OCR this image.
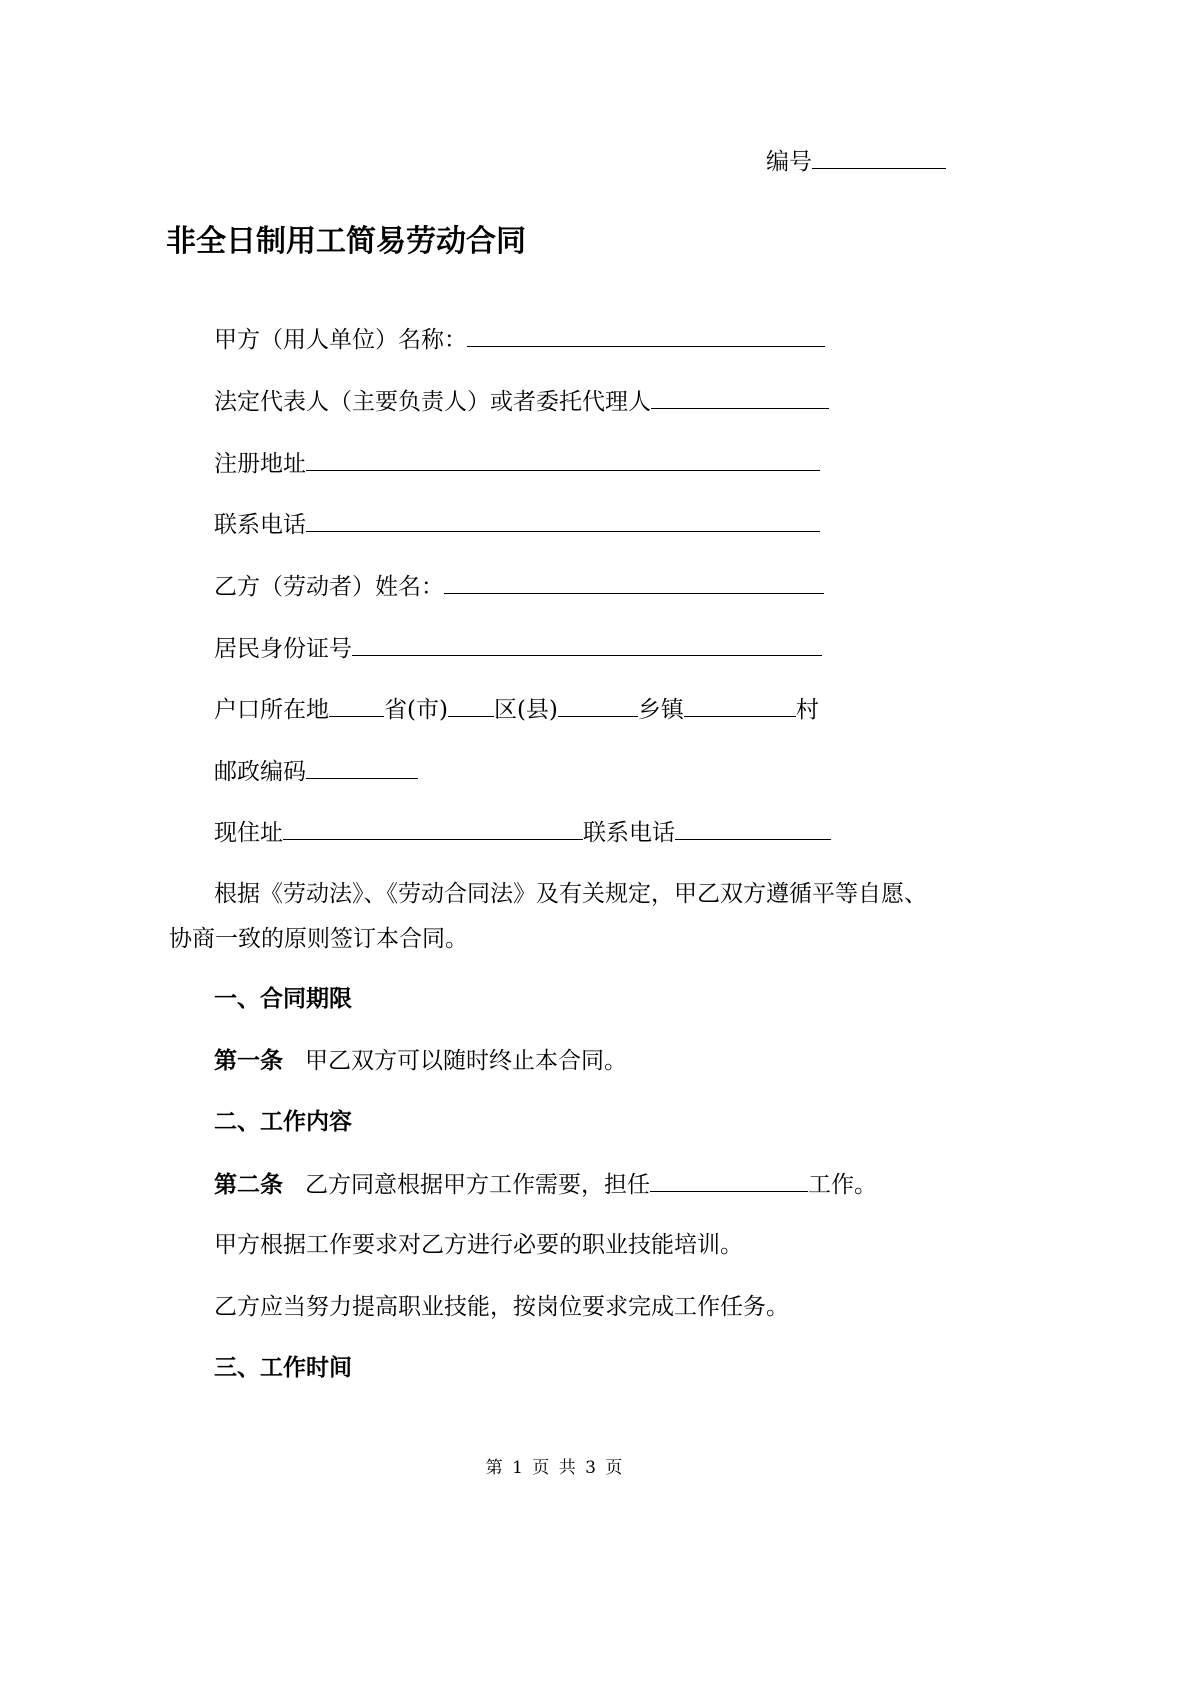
编号
非全日制用工简易劳动合同
甲方（用人单位）名称：
法定代表人（主要负责人）或者委托代理人
注册地址
联系电话
乙方（劳动者）姓名：
居民身份证号
户口所在地 省(市) 区(县)	乡镇	村
邮政编码
现住址	联系电话
根据《劳动法》、《劳动合同法》及有关规定，甲乙双方遵循平等自愿、
协商一致的原则签订本合同。
一、合同期限
第一条 甲乙双方可以随时终止本合同。
二、工作内容
第二条 乙方同意根据甲方工作需要，担任	工作。
甲方根据工作要求对乙方进行必要的职业技能培训。
乙方应当努力提高职业技能，按岗位要求完成工作任务。
三、工作时间
第 1 页 共 3 页
